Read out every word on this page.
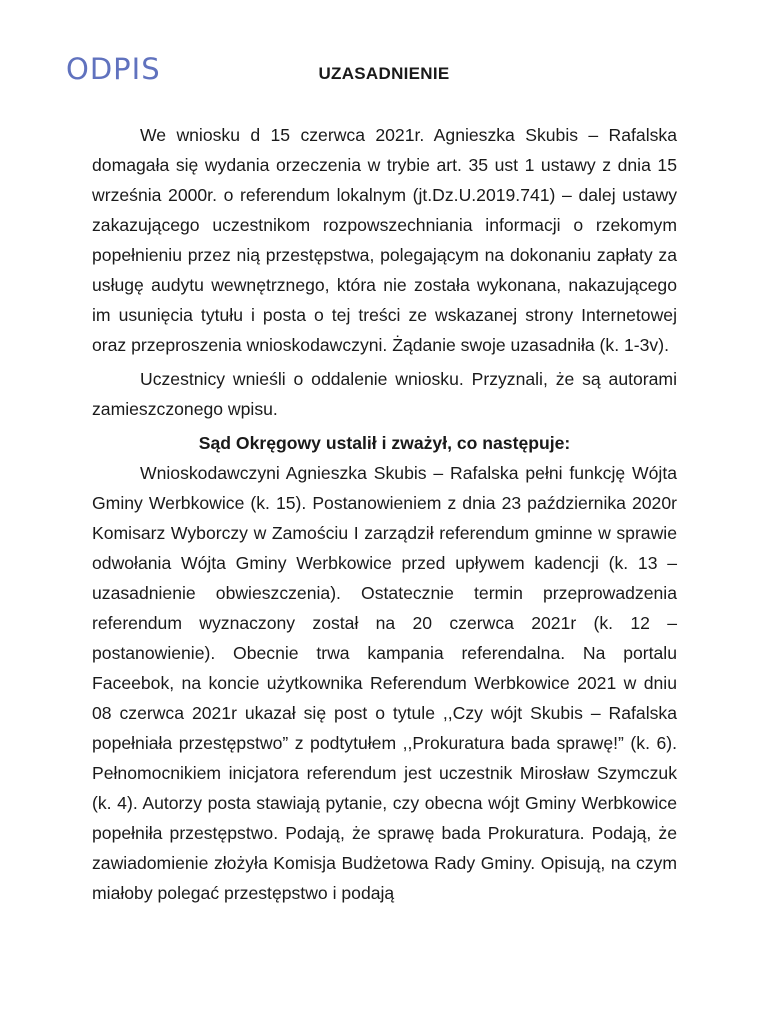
ODPIS	UZASADNIENIE

We wniosku d 15 czerwca 2021r. Agnieszka Skubis – Rafalska domagała się wydania orzeczenia w trybie art. 35 ust 1 ustawy z dnia 15 września 2000r. o referendum lokalnym (jt.Dz.U.2019.741) – dalej ustawy zakazującego uczestnikom rozpowszechniania informacji o rzekomym popełnieniu przez nią przestępstwa, polegającym na dokonaniu zapłaty za usługę audytu wewnętrznego, która nie została wykonana, nakazującego im usunięcia tytułu i posta o tej treści ze wskazanej strony Internetowej oraz przeproszenia wnioskodawczyni. Żądanie swoje uzasadniła (k. 1-3v).

Uczestnicy wnieśli o oddalenie wniosku. Przyznali, że są autorami zamieszczonego wpisu.

Sąd Okręgowy ustalił i zważył, co następuje:

Wnioskodawczyni Agnieszka Skubis – Rafalska pełni funkcję Wójta Gminy Werbkowice (k. 15). Postanowieniem z dnia 23 października 2020r Komisarz Wyborczy w Zamościu I zarządził referendum gminne w sprawie odwołania Wójta Gminy Werbkowice przed upływem kadencji (k. 13 – uzasadnienie obwieszczenia). Ostatecznie termin przeprowadzenia referendum wyznaczony został na 20 czerwca 2021r (k. 12 – postanowienie). Obecnie trwa kampania referendalna. Na portalu Faceebok, na koncie użytkownika Referendum Werbkowice 2021 w dniu 08 czerwca 2021r ukazał się post o tytule ,,Czy wójt Skubis – Rafalska popełniała przestępstwo” z podtytułem ,,Prokuratura bada sprawę!” (k. 6). Pełnomocnikiem inicjatora referendum jest uczestnik Mirosław Szymczuk (k. 4). Autorzy posta stawiają pytanie, czy obecna wójt Gminy Werbkowice popełniła przestępstwo. Podają, że sprawę bada Prokuratura. Podają, że zawiadomienie złożyła Komisja Budżetowa Rady Gminy. Opisują, na czym miałoby polegać przestępstwo i podają
